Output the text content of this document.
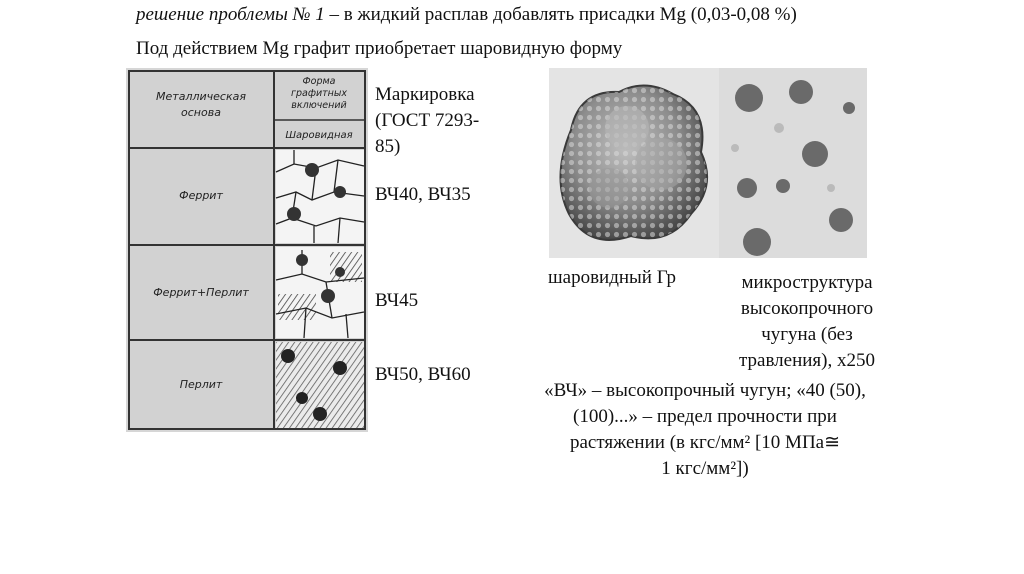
решение проблемы № 1 – в жидкий расплав добавлять присадки Mg (0,03-0,08 %)
Под действием Mg графит приобретает шаровидную форму
Металлическая
основа
Форма
графитных
включений
Шаровидная
Феррит
Феррит+Перлит
Перлит
Маркировка
(ГОСТ 7293-
85)
ВЧ40, ВЧ35
ВЧ45
ВЧ50, ВЧ60
шаровидный Гр	микроструктура
высокопрочного
чугуна (без
травления), х250
«ВЧ» – высокопрочный чугун; «40 (50),
(100)...» – предел прочности при
растяжении (в кгс/мм² [10 МПа≅
1 кгс/мм²])
